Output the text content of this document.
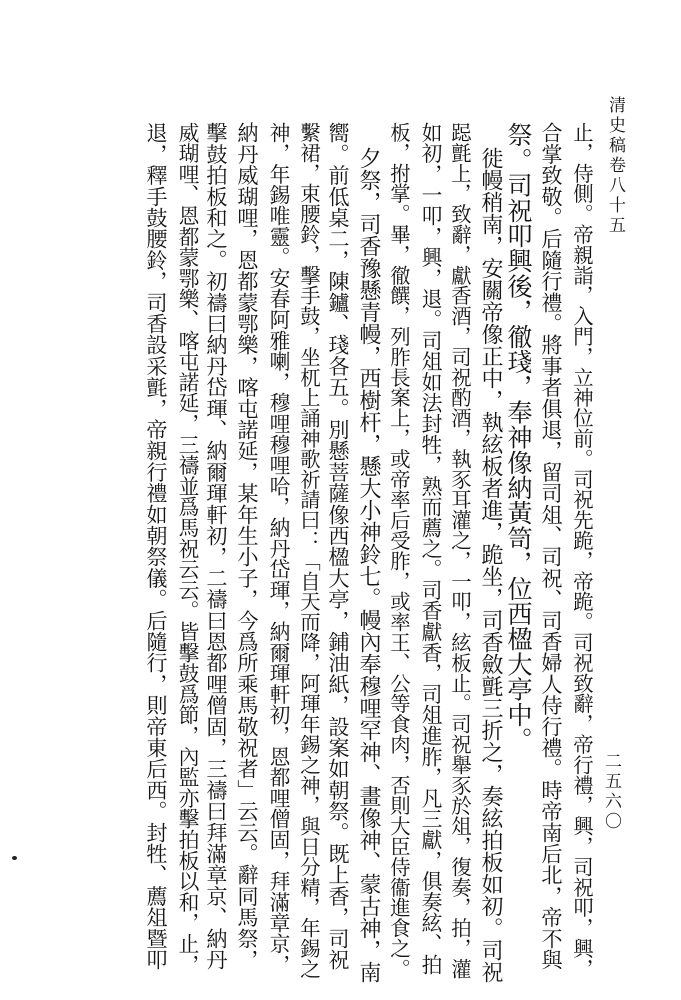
清史稿卷八十五
二五六〇
止，侍側。帝親詣，入門，立神位前。司祝先跪，帝跪。司祝致辭，帝行禮，興，司祝叩，興，
合掌致敬。后隨行禮。將事者俱退，留司俎、司祝、司香婦人侍行禮。時帝南后北，帝不與
祭。司祝叩興後，徹琖，奉神像納黃笥，位西楹大亭中。
徙幔稍南，安關帝像正中，執絃板者進，跪坐，司香斂氈三折之，奏絃拍板如初。司祝
跽氈上，致辭，獻香酒，司祝酌酒，執豕耳灌之，一叩，絃板止。司祝舉豕於俎，復奏，拍，灌
如初，一叩，興，退。司俎如法封牲，熟而薦之。司香獻香，司俎進胙，凡三獻，俱奏絃、拍
板，拊掌。畢，徹饌，列胙長案上，或帝率后受胙，或率王、公等食肉，否則大臣侍衞進食之。
夕祭，司香豫懸青幔，西樹杆，懸大小神鈴七。幔內奉穆哩罕神、畫像神、蒙古神，南
嚮。前低桌二，陳鑪、琖各五。別懸菩薩像西楹大亭，鋪油紙，設案如朝祭。既上香，司祝
繫裙，束腰鈴，擊手鼓，坐杌上誦神歌祈請曰：「自天而降，阿琿年錫之神，與日分精，年錫之
神，年錫唯靈。安春阿雅喇，穆哩穆哩哈，納丹岱琿，納爾琿軒初，恩都哩僧固，拜滿章京，
納丹威瑚哩，恩都蒙鄂樂，喀屯諾延，某年生小子，今爲所乘馬敬祝者」云云。辭同馬祭，
擊鼓拍板和之。初禱曰納丹岱琿、納爾琿軒初，二禱曰恩都哩僧固，三禱曰拜滿章京、納丹
威瑚哩、恩都蒙鄂樂、喀屯諾延，三禱並爲馬祝云云。皆擊鼓爲節，內監亦擊拍板以和，止，
退，釋手鼓腰鈴，司香設采氈，帝親行禮如朝祭儀。后隨行，則帝東后西。封牲、薦俎暨叩
